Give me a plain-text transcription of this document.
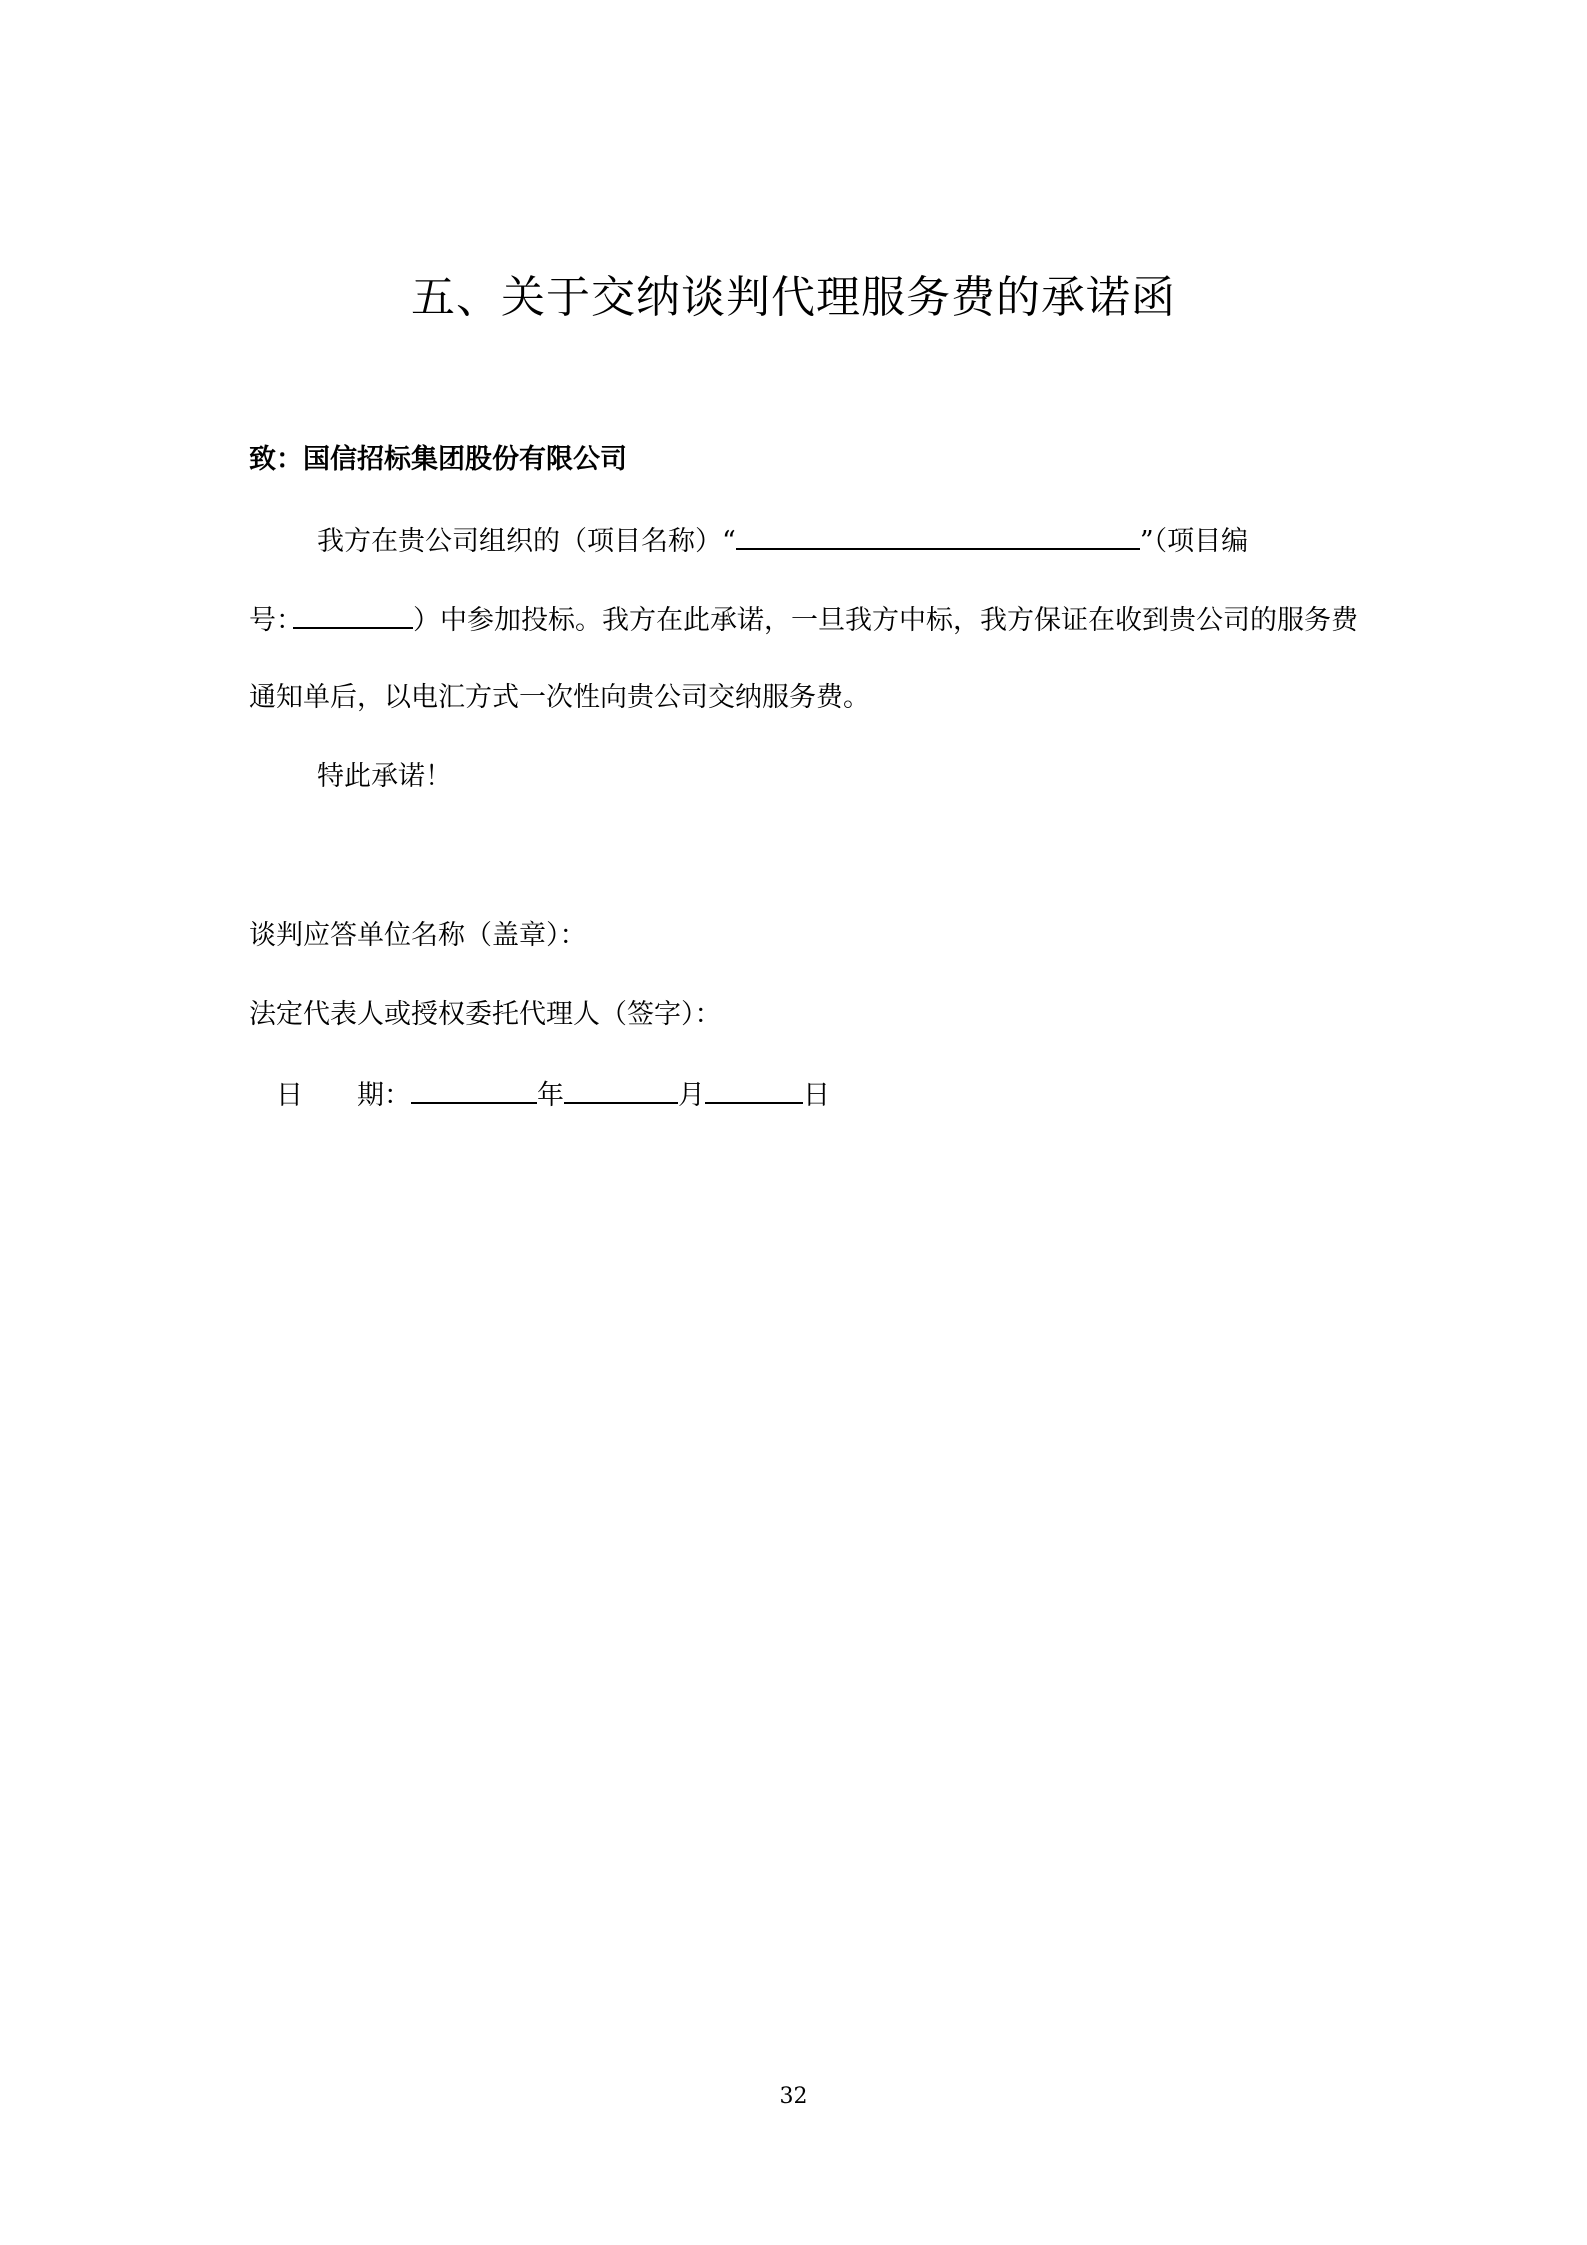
五、关于交纳谈判代理服务费的承诺函
致：国信招标集团股份有限公司
我方在贵公司组织的（项目名称）“	”（项目编
号：	）中参加投标。我方在此承诺，一旦我方中标，我方保证在收到贵公司的服务费
通知单后，以电汇方式一次性向贵公司交纳服务费。
特此承诺！
谈判应答单位名称（盖章）：
法定代表人或授权委托代理人（签字）：
日　　期：	年	月	日
32
